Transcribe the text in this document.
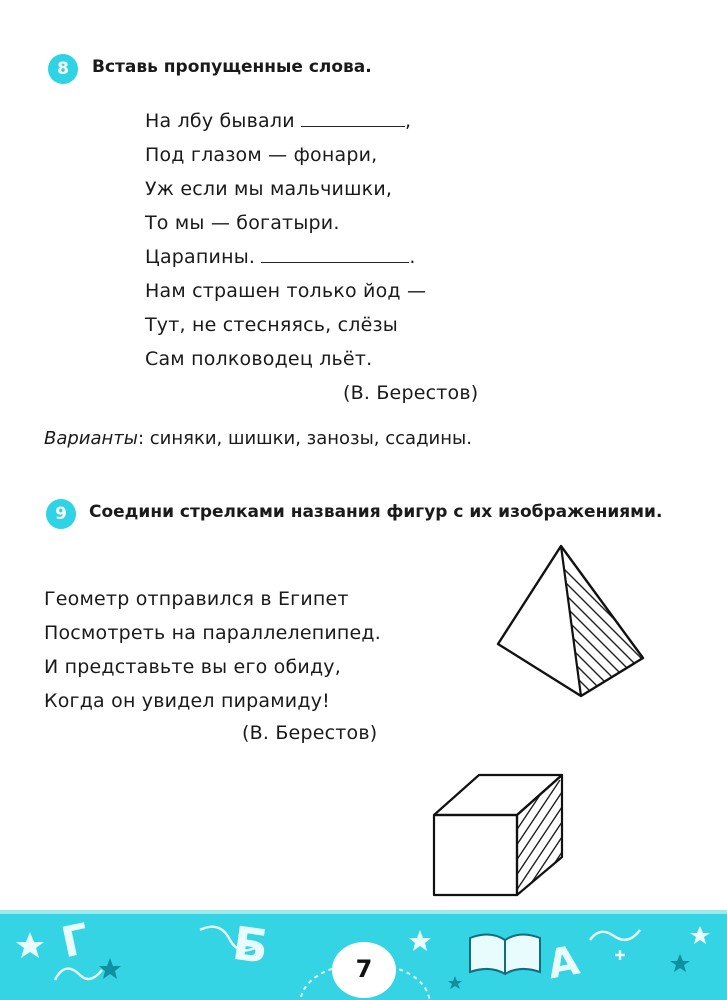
8 Вставь пропущенные слова.
На лбу бывали	,
Под глазом — фонари,
Уж если мы мальчишки,
То мы — богатыри.
Царапины.	.
Нам страшен только йод —
Тут, не стесняясь, слёзы
Сам полководец льёт.
(В. Берестов)
Варианты: синяки, шишки, занозы, ссадины.
9 Соедини стрелками названия фигур с их изображениями.
Геометр отправился в Египет
Посмотреть на параллелепипед.
И представьте вы его обиду,
Когда он увидел пирамиду!
(В. Берестов)
Г	Б	А
7
